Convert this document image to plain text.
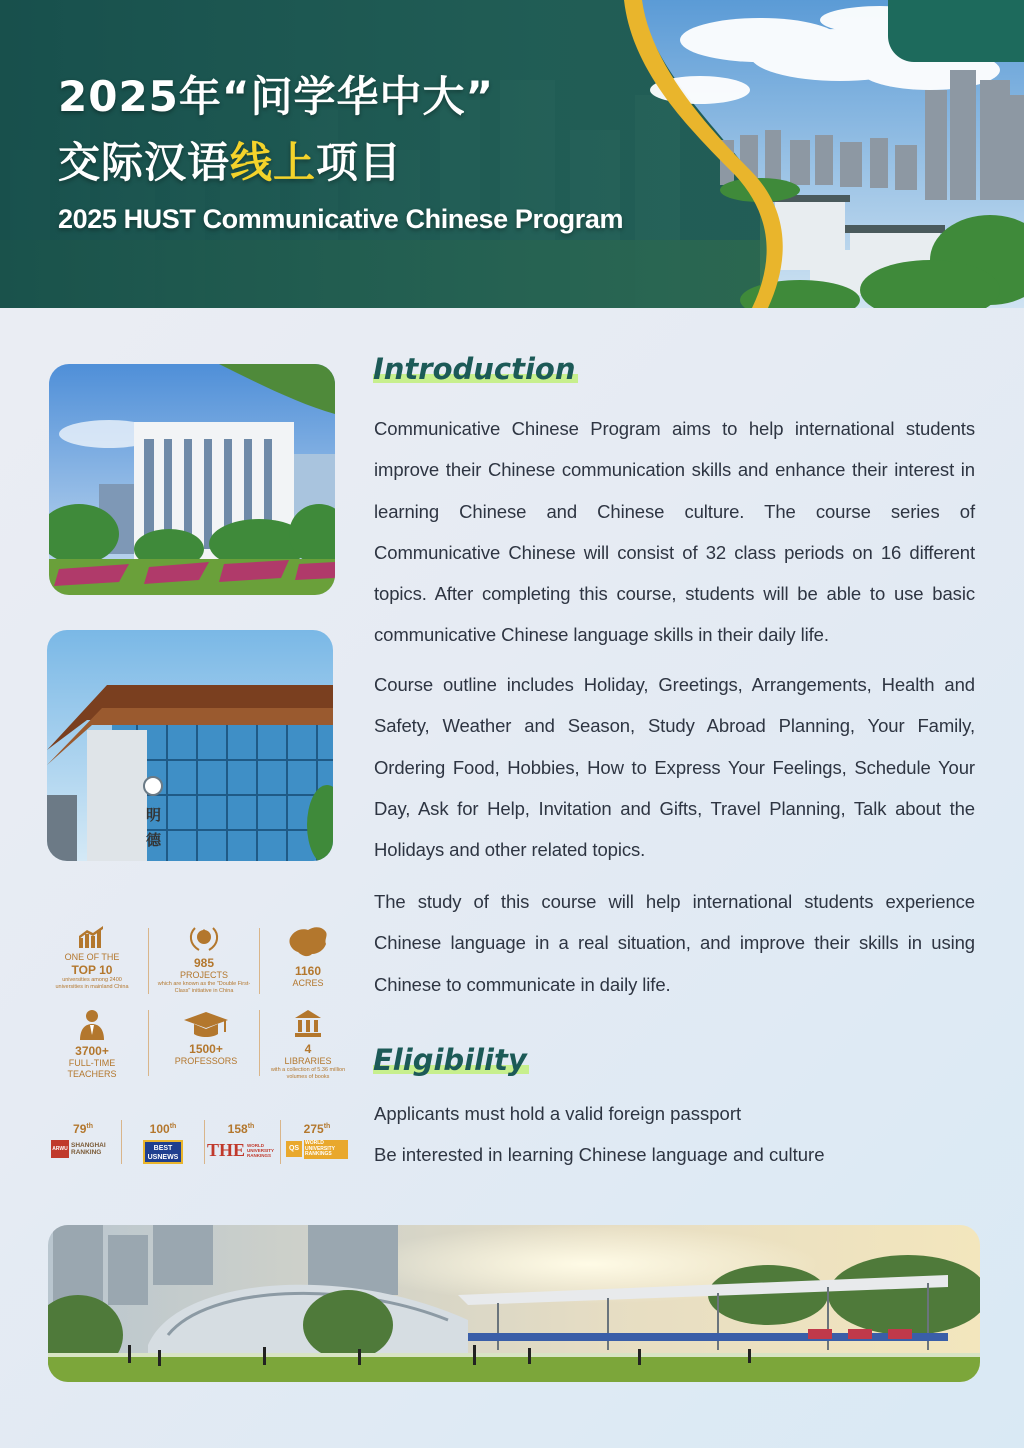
2025年“问学华中大”
交际汉语线上项目
2025 HUST Communicative Chinese Program
明
德
ONE OF THE
TOP 10
universities among 2400 universities in mainland China
985
PROJECTS
which are known as the "Double First-Class" initiative in China
1160
ACRES
3700+
FULL-TIME TEACHERS
1500+
PROFESSORS
4
LIBRARIES
with a collection of 5.36 million volumes of books
79th
ARWU SHANGHAI RANKING
100th
BEST USNEWS
158th
THE WORLD UNIVERSITY RANKINGS
275th
QS
WORLD UNIVERSITY RANKINGS
Introduction

Communicative Chinese Program aims to help international students improve their Chinese communication skills and enhance their interest in learning Chinese and Chinese culture. The course series of Communicative Chinese will consist of 32 class periods on 16 different topics. After completing this course, students will be able to use basic communicative Chinese language skills in their daily life.

Course outline includes Holiday, Greetings, Arrangements, Health and Safety, Weather and Season, Study Abroad Planning, Your Family, Ordering Food, Hobbies, How to Express Your Feelings, Schedule Your Day, Ask for Help, Invitation and Gifts, Travel Planning, Talk about the Holidays and other related topics.

The study of this course will help international students experience Chinese language in a real situation, and improve their skills in using Chinese to communicate in daily life.

Eligibility
Applicants must hold a valid foreign passport
Be interested in learning Chinese language and culture
